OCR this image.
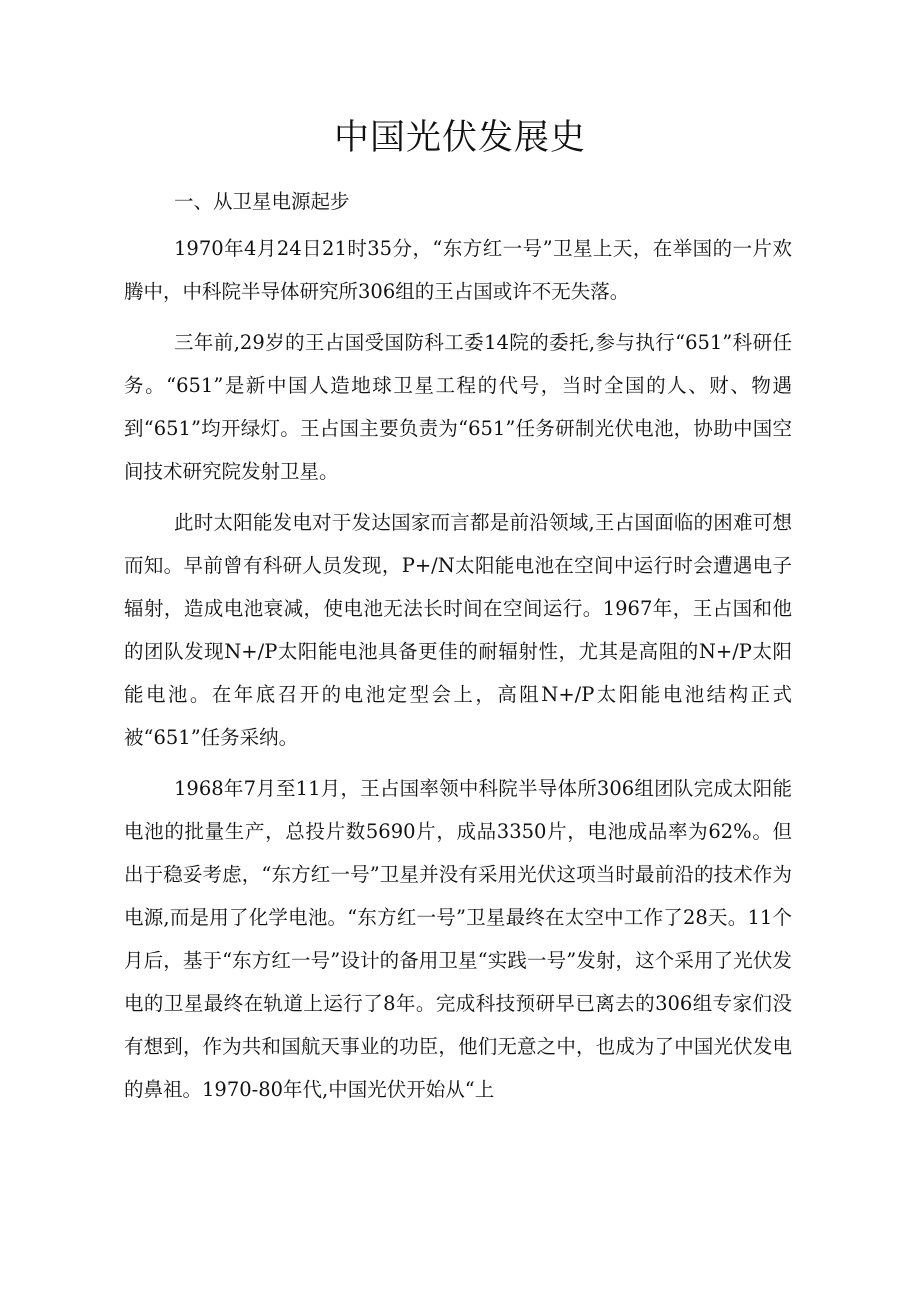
中国光伏发展史

一、从卫星电源起步

1970年4月24日21时35分，“东方红一号”卫星上天，在举国的一片欢腾中，中科院半导体研究所306组的王占国或许不无失落。

三年前,29岁的王占国受国防科工委14院的委托,参与执行“651”科研任务。“651”是新中国人造地球卫星工程的代号，当时全国的人、财、物遇到“651”均开绿灯。王占国主要负责为“651”任务研制光伏电池，协助中国空间技术研究院发射卫星。

此时太阳能发电对于发达国家而言都是前沿领域,王占国面临的困难可想而知。早前曾有科研人员发现，P+/N太阳能电池在空间中运行时会遭遇电子辐射，造成电池衰减，使电池无法长时间在空间运行。1967年，王占国和他的团队发现N+/P太阳能电池具备更佳的耐辐射性，尤其是高阻的N+/P太阳能电池。在年底召开的电池定型会上，高阻N+/P太阳能电池结构正式被“651”任务采纳。

1968年7月至11月，王占国率领中科院半导体所306组团队完成太阳能电池的批量生产，总投片数5690片，成品3350片，电池成品率为62%。但出于稳妥考虑，“东方红一号”卫星并没有采用光伏这项当时最前沿的技术作为电源,而是用了化学电池。“东方红一号”卫星最终在太空中工作了28天。11个月后，基于“东方红一号”设计的备用卫星“实践一号”发射，这个采用了光伏发电的卫星最终在轨道上运行了8年。完成科技预研早已离去的306组专家们没有想到，作为共和国航天事业的功臣，他们无意之中，也成为了中国光伏发电的鼻祖。1970-80年代,中国光伏开始从“上
